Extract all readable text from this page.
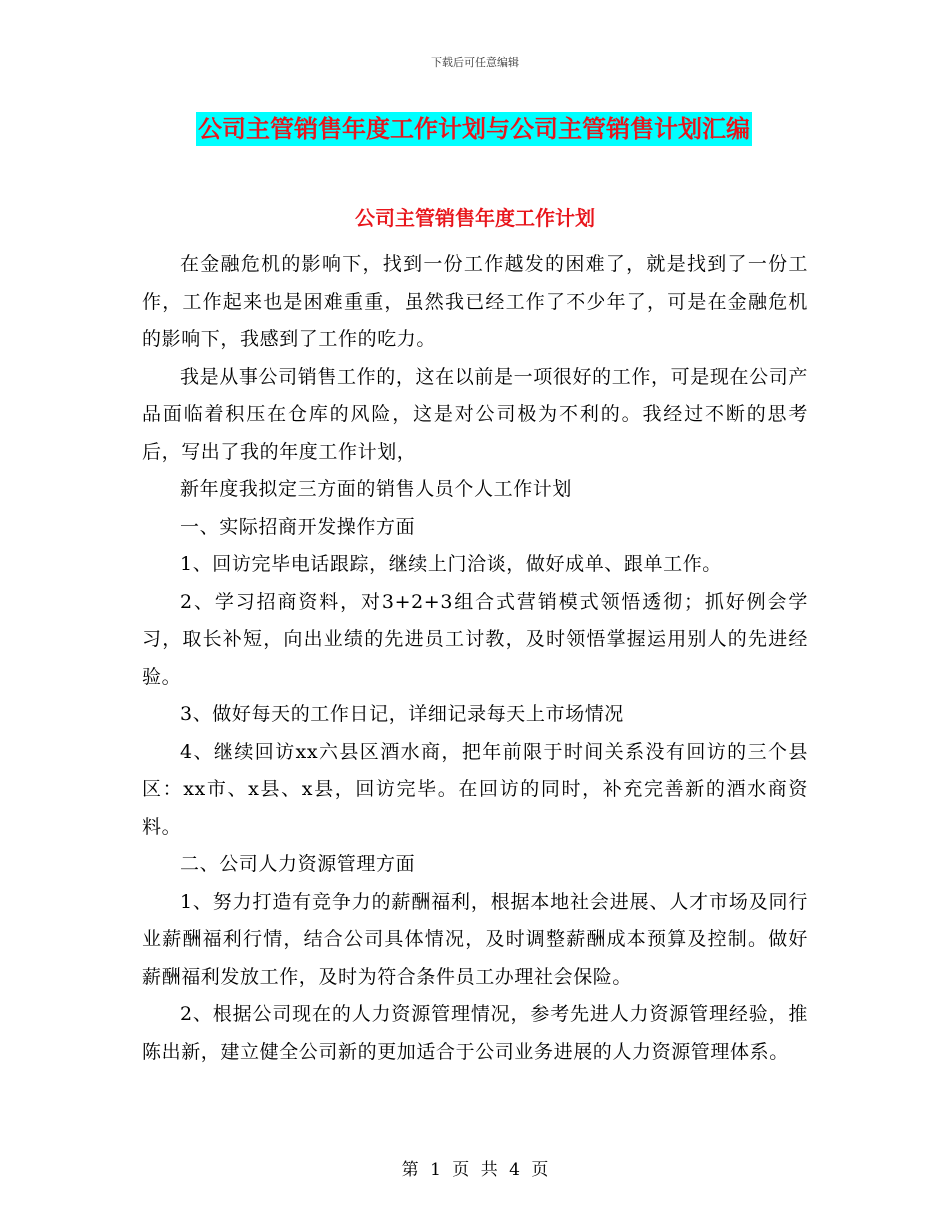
下载后可任意编辑
公司主管销售年度工作计划与公司主管销售计划汇编
公司主管销售年度工作计划

在金融危机的影响下，找到一份工作越发的困难了，就是找到了一份工作，工作起来也是困难重重，虽然我已经工作了不少年了，可是在金融危机的影响下，我感到了工作的吃力。

我是从事公司销售工作的，这在以前是一项很好的工作，可是现在公司产品面临着积压在仓库的风险，这是对公司极为不利的。我经过不断的思考后，写出了我的年度工作计划，

新年度我拟定三方面的销售人员个人工作计划

一、实际招商开发操作方面

1、回访完毕电话跟踪，继续上门洽谈，做好成单、跟单工作。

2、学习招商资料，对3+2+3组合式营销模式领悟透彻；抓好例会学习，取长补短，向出业绩的先进员工讨教，及时领悟掌握运用别人的先进经验。

3、做好每天的工作日记，详细记录每天上市场情况

4、继续回访xx六县区酒水商，把年前限于时间关系没有回访的三个县区：xx市、x县、x县，回访完毕。在回访的同时，补充完善新的酒水商资料。

二、公司人力资源管理方面

1、努力打造有竞争力的薪酬福利，根据本地社会进展、人才市场及同行业薪酬福利行情，结合公司具体情况，及时调整薪酬成本预算及控制。做好薪酬福利发放工作，及时为符合条件员工办理社会保险。

2、根据公司现在的人力资源管理情况，参考先进人力资源管理经验，推陈出新，建立健全公司新的更加适合于公司业务进展的人力资源管理体系。

第 1 页 共 4 页
